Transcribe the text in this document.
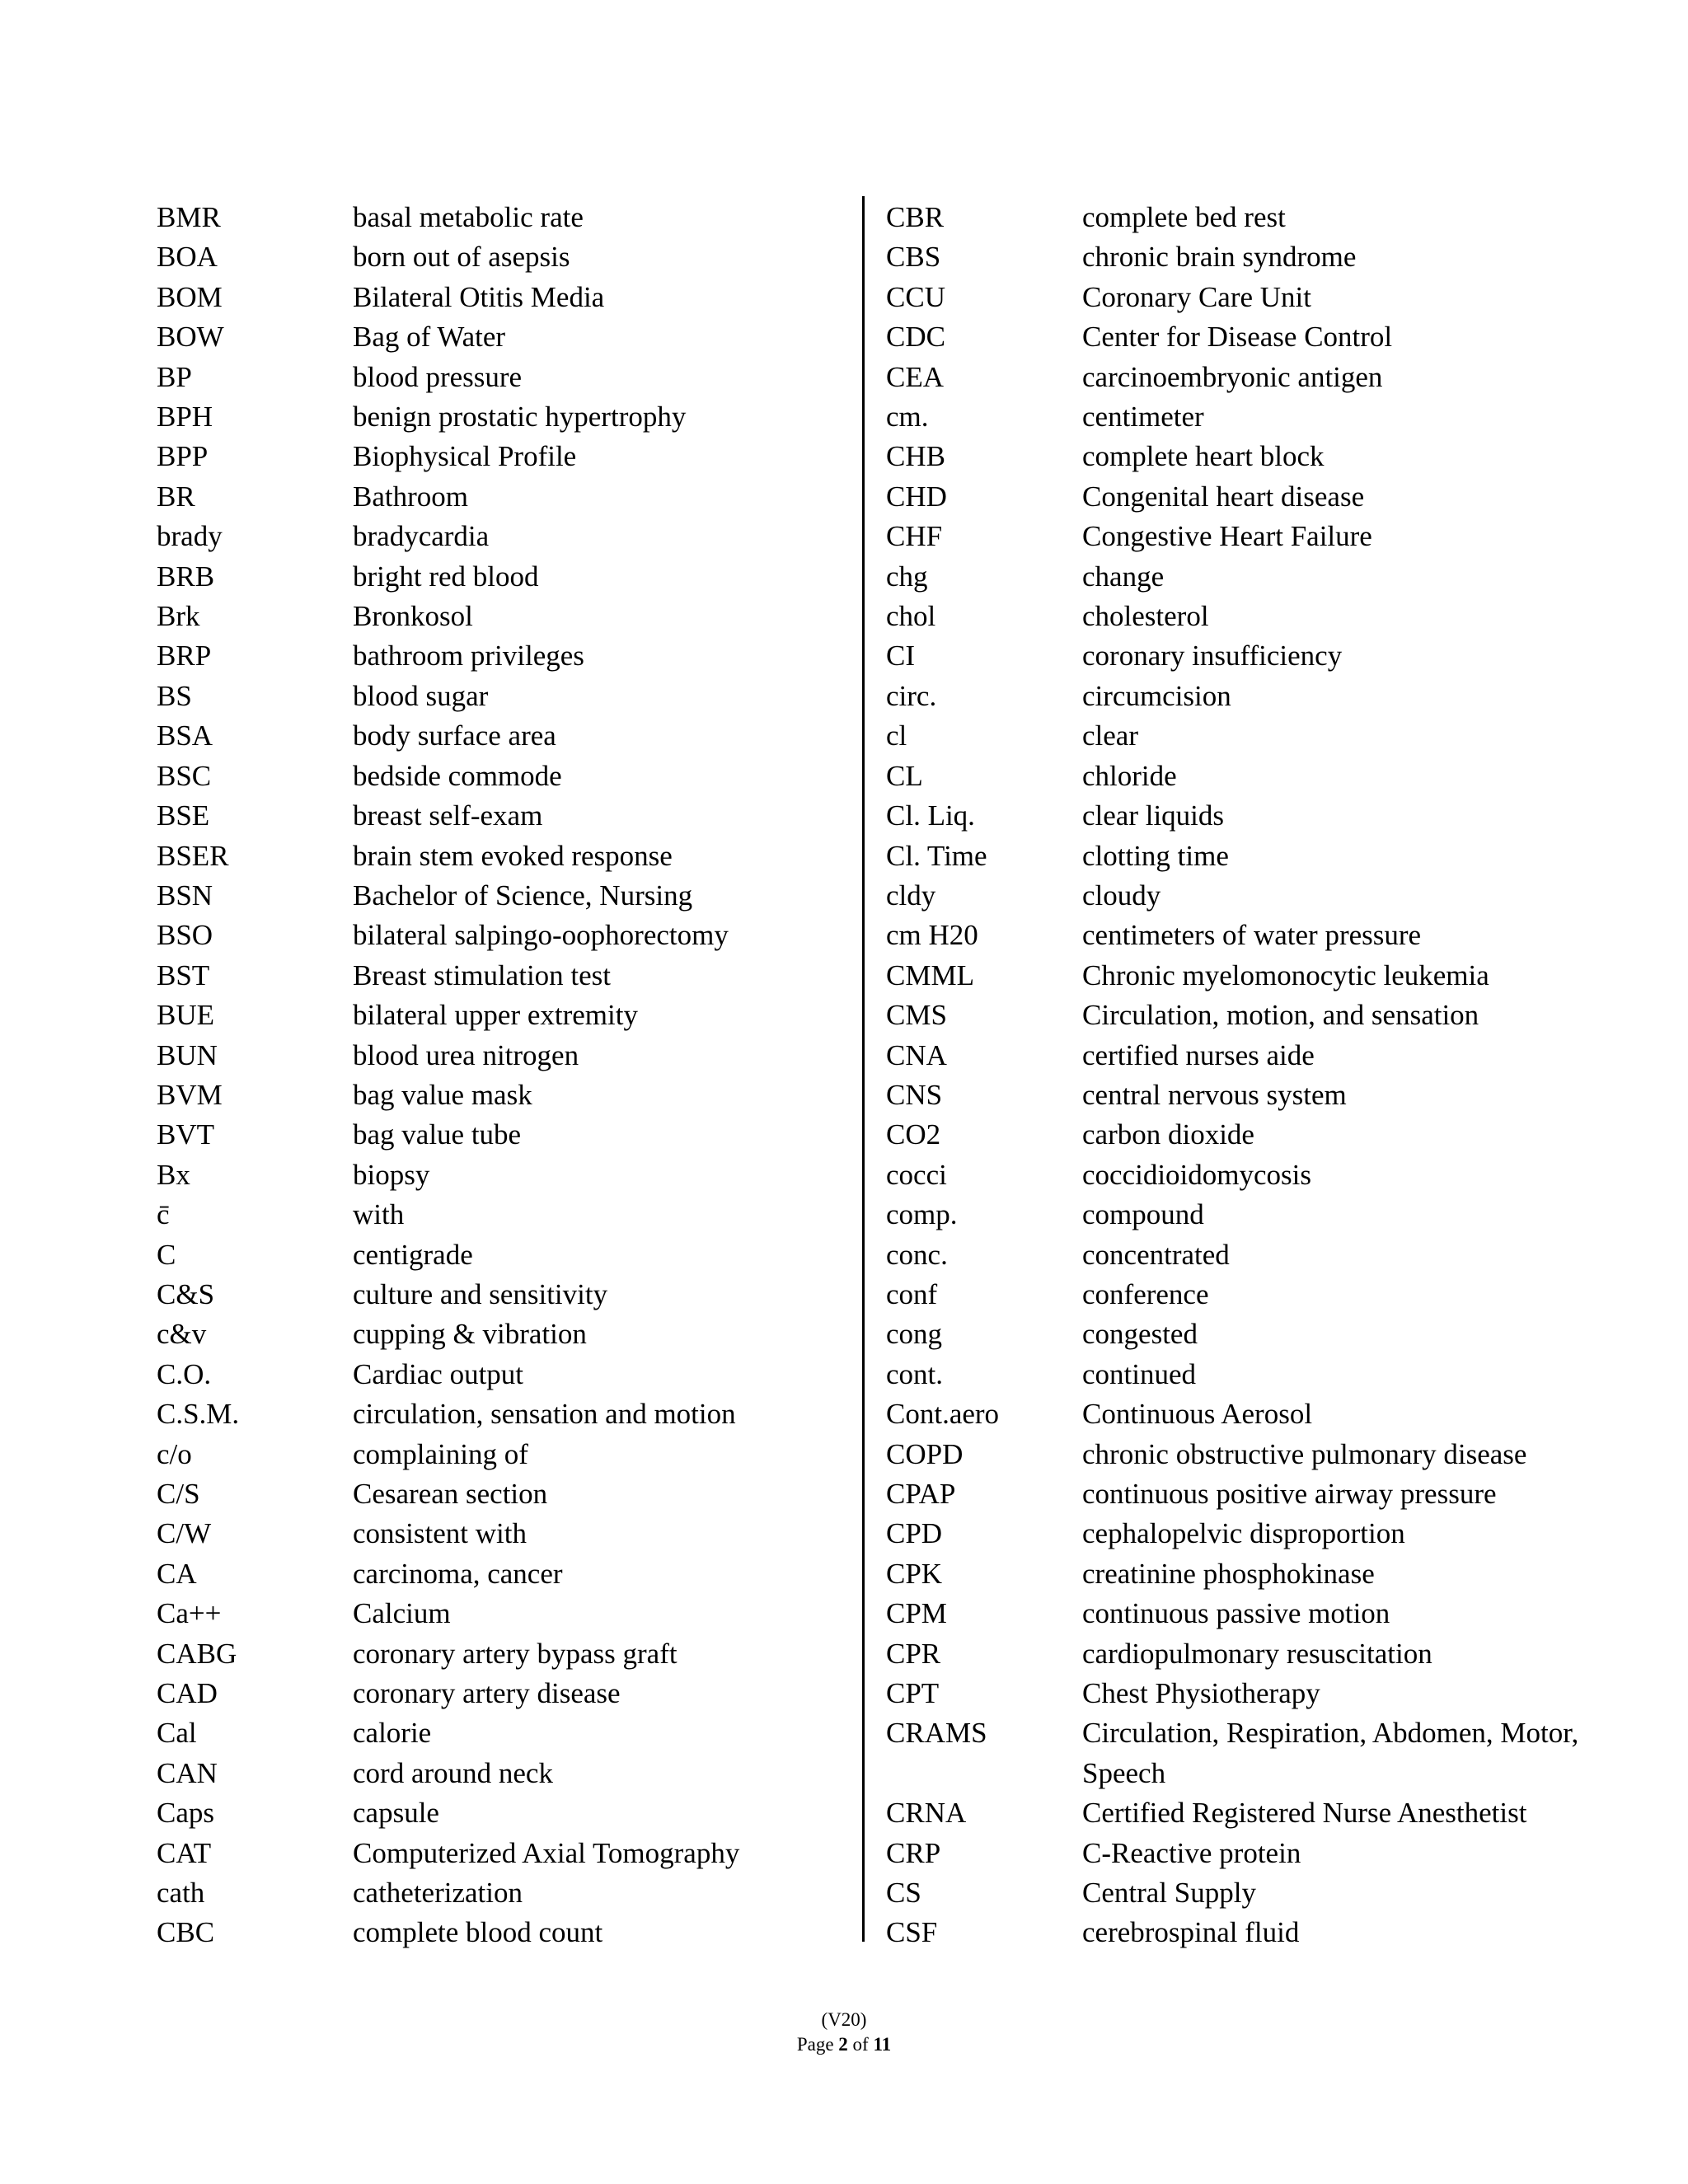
BMR	basal metabolic rate
BOA	born out of asepsis
BOM	Bilateral Otitis Media
BOW	Bag of Water
BP	blood pressure
BPH	benign prostatic hypertrophy
BPP	Biophysical Profile
BR	Bathroom
brady	bradycardia
BRB	bright red blood
Brk	Bronkosol
BRP	bathroom privileges
BS	blood sugar
BSA	body surface area
BSC	bedside commode
BSE	breast self-exam
BSER	brain stem evoked response
BSN	Bachelor of Science, Nursing
BSO	bilateral salpingo-oophorectomy
BST	Breast stimulation test
BUE	bilateral upper extremity
BUN	blood urea nitrogen
BVM	bag value mask
BVT	bag value tube
Bx	biopsy
c̄	with
C	centigrade
C&S	culture and sensitivity
c&v	cupping & vibration
C.O.	Cardiac output
C.S.M.	circulation, sensation and motion
c/o	complaining of
C/S	Cesarean section
C/W	consistent with
CA	carcinoma, cancer
Ca++	Calcium
CABG	coronary artery bypass graft
CAD	coronary artery disease
Cal	calorie
CAN	cord around neck
Caps	capsule
CAT	Computerized Axial Tomography
cath	catheterization
CBC	complete blood count
CBR	complete bed rest
CBS	chronic brain syndrome
CCU	Coronary Care Unit
CDC	Center for Disease Control
CEA	carcinoembryonic antigen
cm.	centimeter
CHB	complete heart block
CHD	Congenital heart disease
CHF	Congestive Heart Failure
chg	change
chol	cholesterol
CI	coronary insufficiency
circ.	circumcision
cl	clear
CL	chloride
Cl. Liq.	clear liquids
Cl. Time	clotting time
cldy	cloudy
cm H20	centimeters of water pressure
CMML	Chronic myelomonocytic leukemia
CMS	Circulation, motion, and sensation
CNA	certified nurses aide
CNS	central nervous system
CO2	carbon dioxide
cocci	coccidioidomycosis
comp.	compound
conc.	concentrated
conf	conference
cong	congested
cont.	continued
Cont.aero	Continuous Aerosol
COPD	chronic obstructive pulmonary disease
CPAP	continuous positive airway pressure
CPD	cephalopelvic disproportion
CPK	creatinine phosphokinase
CPM	continuous passive motion
CPR	cardiopulmonary resuscitation
CPT	Chest Physiotherapy
CRAMS	Circulation, Respiration, Abdomen, Motor, Speech
CRNA	Certified Registered Nurse Anesthetist
CRP	C-Reactive protein
CS	Central Supply
CSF	cerebrospinal fluid
(V20)
Page 2 of 11
